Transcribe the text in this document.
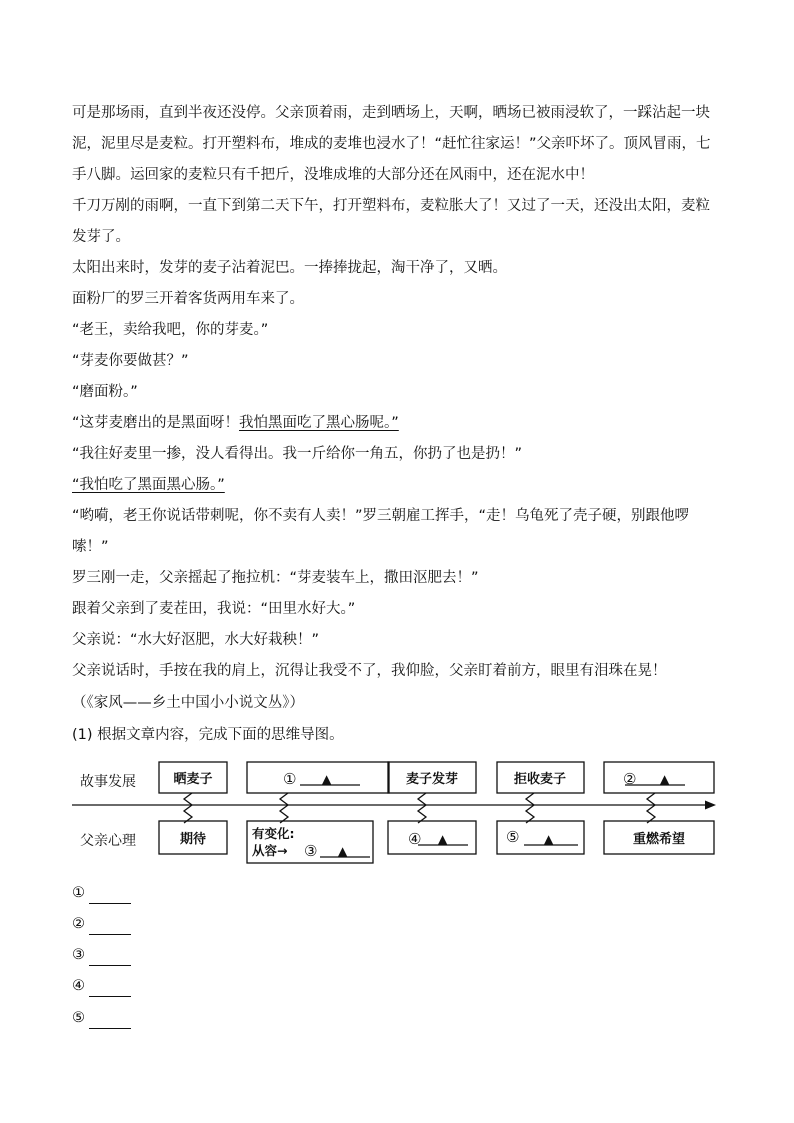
可是那场雨，直到半夜还没停。父亲顶着雨，走到晒场上，天啊，晒场已被雨浸软了，一踩沾起一块泥，泥里尽是麦粒。打开塑料布，堆成的麦堆也浸水了！“赶忙往家运！”父亲吓坏了。顶风冒雨，七手八脚。运回家的麦粒只有千把斤，没堆成堆的大部分还在风雨中，还在泥水中！

千刀万剐的雨啊，一直下到第二天下午，打开塑料布，麦粒胀大了！又过了一天，还没出太阳，麦粒发芽了。

太阳出来时，发芽的麦子沾着泥巴。一捧捧拢起，淘干净了，又晒。

面粉厂的罗三开着客货两用车来了。

“老王，卖给我吧，你的芽麦。”

“芽麦你要做甚？”

“磨面粉。”

“这芽麦磨出的是黑面呀！我怕黑面吃了黑心肠呢。”

“我往好麦里一掺，没人看得出。我一斤给你一角五，你扔了也是扔！”

“我怕吃了黑面黑心肠。”

“哟嗬，老王你说话带刺呢，你不卖有人卖！”罗三朝雇工挥手，“走！乌龟死了壳子硬，别跟他啰嗦！”

罗三刚一走，父亲摇起了拖拉机：“芽麦装车上，撒田沤肥去！”

跟着父亲到了麦茬田，我说：“田里水好大。”

父亲说：“水大好沤肥，水大好栽秧！”

父亲说话时，手按在我的肩上，沉得让我受不了，我仰脸，父亲盯着前方，眼里有泪珠在晃！

（《家风——乡土中国小小说文丛》）

(1) 根据文章内容，完成下面的思维导图。

故事发展
父亲心理
晒麦子	① ▲	麦子发芽	拒收麦子	② ▲
期待	有变化:
从容→ ③ ▲
④ ▲	⑤ ▲	重燃希望
①
②
③
④
⑤
